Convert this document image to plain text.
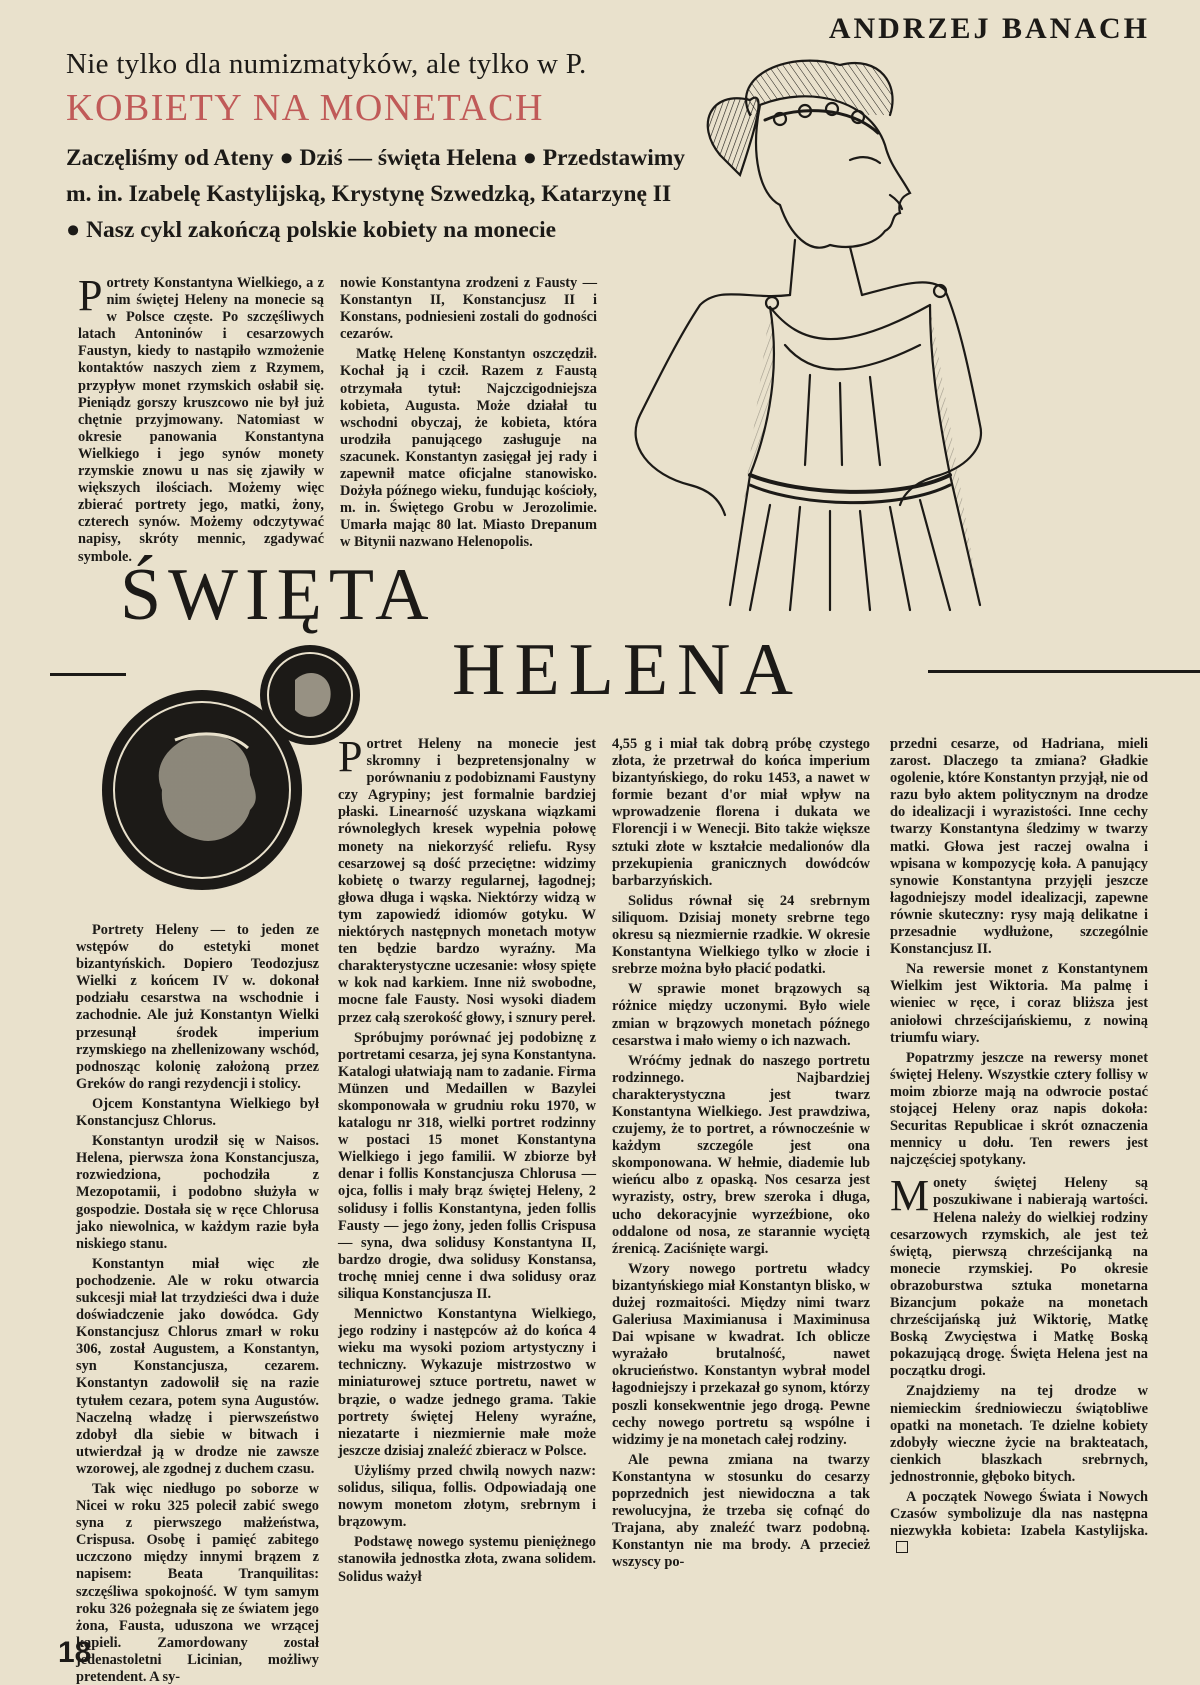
ANDRZEJ BANACH
Nie tylko dla numizmatyków, ale tylko w P.
KOBIETY NA MONETACH
Zaczęliśmy od Ateny ● Dziś — święta Helena ● Przedstawimy
m. in. Izabelę Kastylijską, Krystynę Szwedzką, Katarzynę II
● Nasz cykl zakończą polskie kobiety na monecie

Portrety Konstantyna Wielkiego, a z nim świętej Heleny na monecie są w Polsce częste. Po szczęśliwych latach Antoninów i cesarzowych Faustyn, kiedy to nastąpiło wzmożenie kontaktów naszych ziem z Rzymem, przypływ monet rzymskich osłabił się. Pieniądz gorszy kruszcowo nie był już chętnie przyjmowany. Natomiast w okresie panowania Konstantyna Wielkiego i jego synów monety rzymskie znowu u nas się zjawiły w większych ilościach. Możemy więc zbierać portrety jego, matki, żony, czterech synów. Możemy odczytywać napisy, skróty mennic, zgadywać symbole.

nowie Konstantyna zrodzeni z Fausty — Konstantyn II, Konstancjusz II i Konstans, podniesieni zostali do godności cezarów.

Matkę Helenę Konstantyn oszczędził. Kochał ją i czcił. Razem z Faustą otrzymała tytuł: Najczcigodniejsza kobieta, Augusta. Może działał tu wschodni obyczaj, że kobieta, która urodziła panującego zasługuje na szacunek. Konstantyn zasięgał jej rady i zapewnił matce oficjalne stanowisko. Dożyła późnego wieku, fundując kościoły, m. in. Świętego Grobu w Jerozolimie. Umarła mając 80 lat. Miasto Drepanum w Bitynii nazwano Helenopolis.

ŚWIĘTA
HELENA

Portrety Heleny — to jeden ze wstępów do estetyki monet bizantyńskich. Dopiero Teodozjusz Wielki z końcem IV w. dokonał podziału cesarstwa na wschodnie i zachodnie. Ale już Konstantyn Wielki przesunął środek imperium rzymskiego na zhellenizowany wschód, podnosząc kolonię założoną przez Greków do rangi rezydencji i stolicy.

Ojcem Konstantyna Wielkiego był Konstancjusz Chlorus.

Konstantyn urodził się w Naisos. Helena, pierwsza żona Konstancjusza, rozwiedziona, pochodziła z Mezopotamii, i podobno służyła w gospodzie. Dostała się w ręce Chlorusa jako niewolnica, w każdym razie była niskiego stanu.

Konstantyn miał więc złe pochodzenie. Ale w roku otwarcia sukcesji miał lat trzydzieści dwa i duże doświadczenie jako dowódca. Gdy Konstancjusz Chlorus zmarł w roku 306, został Augustem, a Konstantyn, syn Konstancjusza, cezarem. Konstantyn zadowolił się na razie tytułem cezara, potem syna Augustów. Naczelną władzę i pierwszeństwo zdobył dla siebie w bitwach i utwierdzał ją w drodze nie zawsze wzorowej, ale zgodnej z duchem czasu.

Tak więc niedługo po soborze w Nicei w roku 325 polecił zabić swego syna z pierwszego małżeństwa, Crispusa. Osobę i pamięć zabitego uczczono między innymi brązem z napisem: Beata Tranquilitas: szczęśliwa spokojność. W tym samym roku 326 pożegnała się ze światem jego żona, Fausta, uduszona we wrzącej kąpieli. Zamordowany został jedenastoletni Licinian, możliwy pretendent. A sy-

Portret Heleny na monecie jest skromny i bezpretensjonalny w porównaniu z podobiznami Faustyny czy Agrypiny; jest formalnie bardziej płaski. Linearność uzyskana wiązkami równoległych kresek wypełnia połowę monety na niekorzyść reliefu. Rysy cesarzowej są dość przeciętne: widzimy kobietę o twarzy regularnej, łagodnej; głowa długa i wąska. Niektórzy widzą w tym zapowiedź idiomów gotyku. W niektórych następnych monetach motyw ten będzie bardzo wyraźny. Ma charakterystyczne uczesanie: włosy spięte w kok nad karkiem. Inne niż swobodne, mocne fale Fausty. Nosi wysoki diadem przez całą szerokość głowy, i sznury pereł.

Spróbujmy porównać jej podobiznę z portretami cesarza, jej syna Konstantyna. Katalogi ułatwiają nam to zadanie. Firma Münzen und Medaillen w Bazylei skomponowała w grudniu roku 1970, w katalogu nr 318, wielki portret rodzinny w postaci 15 monet Konstantyna Wielkiego i jego familii. W zbiorze był denar i follis Konstancjusza Chlorusa — ojca, follis i mały brąz świętej Heleny, 2 solidusy i follis Konstantyna, jeden follis Fausty — jego żony, jeden follis Crispusa — syna, dwa solidusy Konstantyna II, bardzo drogie, dwa solidusy Konstansa, trochę mniej cenne i dwa solidusy oraz siliqua Konstancjusza II.

Mennictwo Konstantyna Wielkiego, jego rodziny i następców aż do końca 4 wieku ma wysoki poziom artystyczny i techniczny. Wykazuje mistrzostwo w miniaturowej sztuce portretu, nawet w brązie, o wadze jednego grama. Takie portrety świętej Heleny wyraźne, niezatarte i niezmiernie małe może jeszcze dzisiaj znaleźć zbieracz w Polsce.

Użyliśmy przed chwilą nowych nazw: solidus, siliqua, follis. Odpowiadają one nowym monetom złotym, srebrnym i brązowym.

Podstawę nowego systemu pieniężnego stanowiła jednostka złota, zwana solidem. Solidus ważył

4,55 g i miał tak dobrą próbę czystego złota, że przetrwał do końca imperium bizantyńskiego, do roku 1453, a nawet w formie bezant d'or miał wpływ na wprowadzenie florena i dukata we Florencji i w Wenecji. Bito także większe sztuki złote w kształcie medalionów dla przekupienia granicznych dowódców barbarzyńskich.

Solidus równał się 24 srebrnym siliquom. Dzisiaj monety srebrne tego okresu są niezmiernie rzadkie. W okresie Konstantyna Wielkiego tylko w złocie i srebrze można było płacić podatki.

W sprawie monet brązowych są różnice między uczonymi. Było wiele zmian w brązowych monetach późnego cesarstwa i mało wiemy o ich nazwach.

Wróćmy jednak do naszego portretu rodzinnego. Najbardziej charakterystyczna jest twarz Konstantyna Wielkiego. Jest prawdziwa, czujemy, że to portret, a równocześnie w każdym szczególe jest ona skomponowana. W hełmie, diademie lub wieńcu albo z opaską. Nos cesarza jest wyrazisty, ostry, brew szeroka i długa, ucho dekoracyjnie wyrzeźbione, oko oddalone od nosa, ze starannie wyciętą źrenicą. Zaciśnięte wargi.

Wzory nowego portretu władcy bizantyńskiego miał Konstantyn blisko, w dużej rozmaitości. Między nimi twarz Galeriusa Maximianusa i Maximinusa Dai wpisane w kwadrat. Ich oblicze wyrażało brutalność, nawet okrucieństwo. Konstantyn wybrał model łagodniejszy i przekazał go synom, którzy poszli konsekwentnie jego drogą. Pewne cechy nowego portretu są wspólne i widzimy je na monetach całej rodziny.

Ale pewna zmiana na twarzy Konstantyna w stosunku do cesarzy poprzednich jest niewidoczna a tak rewolucyjna, że trzeba się cofnąć do Trajana, aby znaleźć twarz podobną. Konstantyn nie ma brody. A przecież wszyscy po-

przedni cesarze, od Hadriana, mieli zarost. Dlaczego ta zmiana? Gładkie ogolenie, które Konstantyn przyjął, nie od razu było aktem politycznym na drodze do idealizacji i wyrazistości. Inne cechy twarzy Konstantyna śledzimy w twarzy matki. Głowa jest raczej owalna i wpisana w kompozycję koła. A panujący synowie Konstantyna przyjęli jeszcze łagodniejszy model idealizacji, zapewne równie skuteczny: rysy mają delikatne i przesadnie wydłużone, szczególnie Konstancjusz II.

Na rewersie monet z Konstantynem Wielkim jest Wiktoria. Ma palmę i wieniec w ręce, i coraz bliższa jest aniołowi chrześcijańskiemu, z nowiną triumfu wiary.

Popatrzmy jeszcze na rewersy monet świętej Heleny. Wszystkie cztery follisy w moim zbiorze mają na odwrocie postać stojącej Heleny oraz napis dokoła: Securitas Republicae i skrót oznaczenia mennicy u dołu. Ten rewers jest najczęściej spotykany.

Monety świętej Heleny są poszukiwane i nabierają wartości. Helena należy do wielkiej rodziny cesarzowych rzymskich, ale jest też świętą, pierwszą chrześcijanką na monecie rzymskiej. Po okresie obrazoburstwa sztuka monetarna Bizancjum pokaże na monetach chrześcijańską już Wiktorię, Matkę Boską Zwycięstwa i Matkę Boską pokazującą drogę. Święta Helena jest na początku drogi.

Znajdziemy na tej drodze w niemieckim średniowieczu świątobliwe opatki na monetach. Te dzielne kobiety zdobyły wieczne życie na brakteatach, cienkich blaszkach srebrnych, jednostronnie, głęboko bitych.

A początek Nowego Świata i Nowych Czasów symbolizuje dla nas następna niezwykła kobieta: Izabela Kastylijska.

18
